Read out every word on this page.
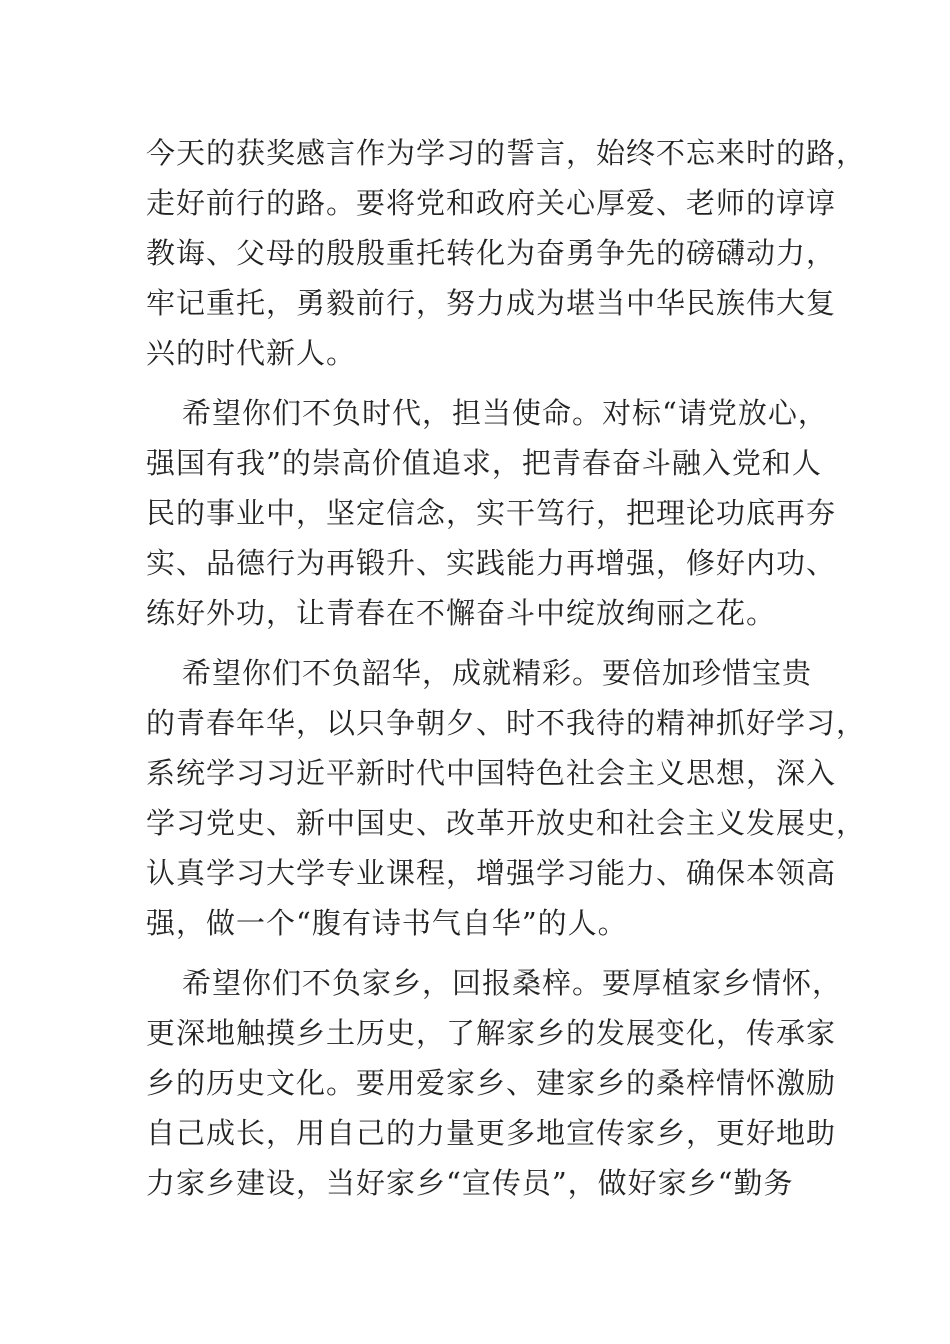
今天的获奖感言作为学习的誓言，始终不忘来时的路，
走好前行的路。要将党和政府关心厚爱、老师的谆谆
教诲、父母的殷殷重托转化为奋勇争先的磅礴动力，
牢记重托，勇毅前行，努力成为堪当中华民族伟大复
兴的时代新人。
希望你们不负时代，担当使命。对标“请党放心，
强国有我”的崇高价值追求，把青春奋斗融入党和人
民的事业中，坚定信念，实干笃行，把理论功底再夯
实、品德行为再锻升、实践能力再增强，修好内功、
练好外功，让青春在不懈奋斗中绽放绚丽之花。
希望你们不负韶华，成就精彩。要倍加珍惜宝贵
的青春年华，以只争朝夕、时不我待的精神抓好学习，
系统学习习近平新时代中国特色社会主义思想，深入
学习党史、新中国史、改革开放史和社会主义发展史，
认真学习大学专业课程，增强学习能力、确保本领高
强，做一个“腹有诗书气自华”的人。
希望你们不负家乡，回报桑梓。要厚植家乡情怀，
更深地触摸乡土历史，了解家乡的发展变化，传承家
乡的历史文化。要用爱家乡、建家乡的桑梓情怀激励
自己成长，用自己的力量更多地宣传家乡，更好地助
力家乡建设，当好家乡“宣传员”，做好家乡“勤务
